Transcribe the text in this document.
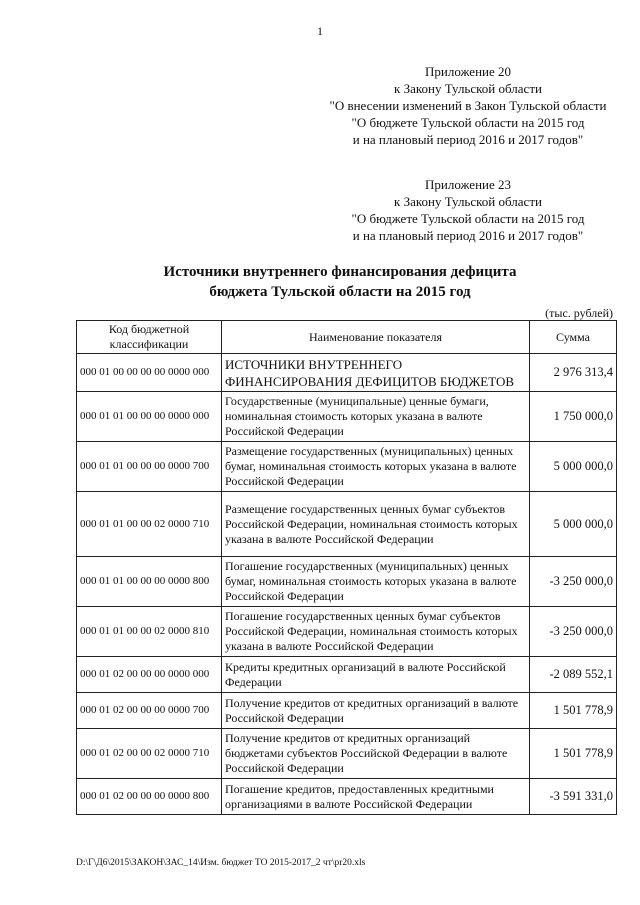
1
Приложение 20
к Закону Тульской области
"О внесении изменений в Закон Тульской области
"О бюджете Тульской области на 2015 год
и на плановый период 2016 и 2017 годов"
Приложение 23
к Закону Тульской области
"О бюджете Тульской области на 2015 год
и на плановый период 2016 и 2017 годов"
Источники внутреннего финансирования дефицита
бюджета Тульской области на 2015 год
(тыс. рублей)
Код бюджетной классификации	Наименование показателя	Сумма
000 01 00 00 00 00 0000 000	ИСТОЧНИКИ ВНУТРЕННЕГО ФИНАНСИРОВАНИЯ ДЕФИЦИТОВ БЮДЖЕТОВ	2 976 313,4
000 01 01 00 00 00 0000 000	Государственные (муниципальные) ценные бумаги, номинальная стоимость которых указана в валюте Российской Федерации	1 750 000,0
000 01 01 00 00 00 0000 700	Размещение государственных (муниципальных) ценных бумаг, номинальная стоимость которых указана в валюте Российской Федерации	5 000 000,0
000 01 01 00 00 02 0000 710	Размещение государственных ценных бумаг субъектов Российской Федерации, номинальная стоимость которых указана в валюте Российской Федерации	5 000 000,0
000 01 01 00 00 00 0000 800	Погашение государственных (муниципальных) ценных бумаг, номинальная стоимость которых указана в валюте Российской Федерации	-3 250 000,0
000 01 01 00 00 02 0000 810	Погашение государственных ценных бумаг субъектов Российской Федерации, номинальная стоимость которых указана в валюте Российской Федерации	-3 250 000,0
000 01 02 00 00 00 0000 000	Кредиты кредитных организаций в валюте Российской Федерации	-2 089 552,1
000 01 02 00 00 00 0000 700	Получение кредитов от кредитных организаций в валюте Российской Федерации	1 501 778,9
000 01 02 00 00 02 0000 710	Получение кредитов от кредитных организаций бюджетами субъектов Российской Федерации в валюте Российской Федерации	1 501 778,9
000 01 02 00 00 00 0000 800	Погашение кредитов, предоставленных кредитными организациями в валюте Российской Федерации	-3 591 331,0
D:\Г\Д6\2015\ЗАКОН\ЗАС_14\Изм. бюджет ТО 2015-2017_2 чт\pr20.xls
